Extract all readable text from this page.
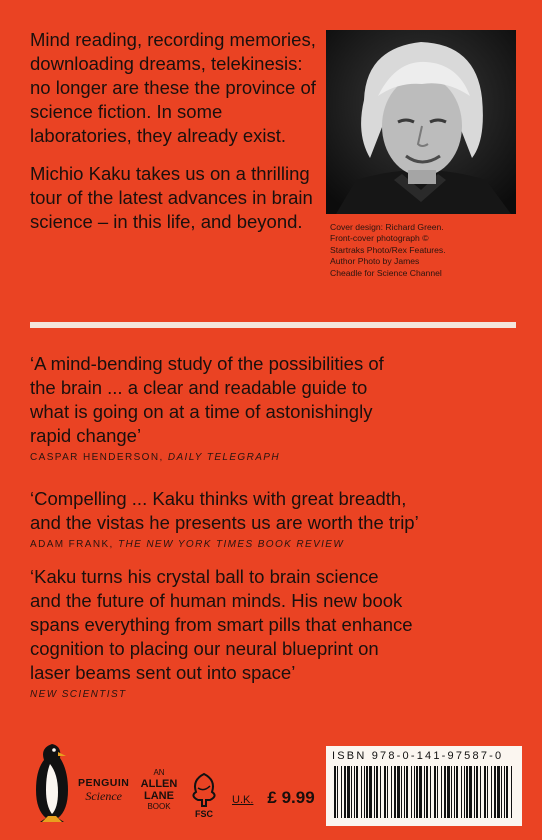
Mind reading, recording memories, downloading dreams, telekinesis: no longer are these the province of science fiction. In some laboratories, they already exist.

Michio Kaku takes us on a thrilling tour of the latest advances in brain science – in this life, and beyond.	Cover design: Richard Green.
Front-cover photograph ©
Startraks Photo/Rex Features.
Author Photo by James
Cheadle for Science Channel

‘A mind-bending study of the possibilities of
the brain ... a clear and readable guide to
what is going on at a time of astonishingly
rapid change’

CASPAR HENDERSON, DAILY TELEGRAPH

‘Compelling ... Kaku thinks with great breadth,
and the vistas he presents us are worth the trip’

ADAM FRANK, THE NEW YORK TIMES BOOK REVIEW

‘Kaku turns his crystal ball to brain science
and the future of human minds. His new book
spans everything from smart pills that enhance
cognition to placing our neural blueprint on
laser beams sent out into space’

NEW SCIENTIST
PENGUIN
Science
AN
ALLEN
LANE
BOOK
FSC
U.K. £ 9.99
ISBN 978-0-141-97587-0
